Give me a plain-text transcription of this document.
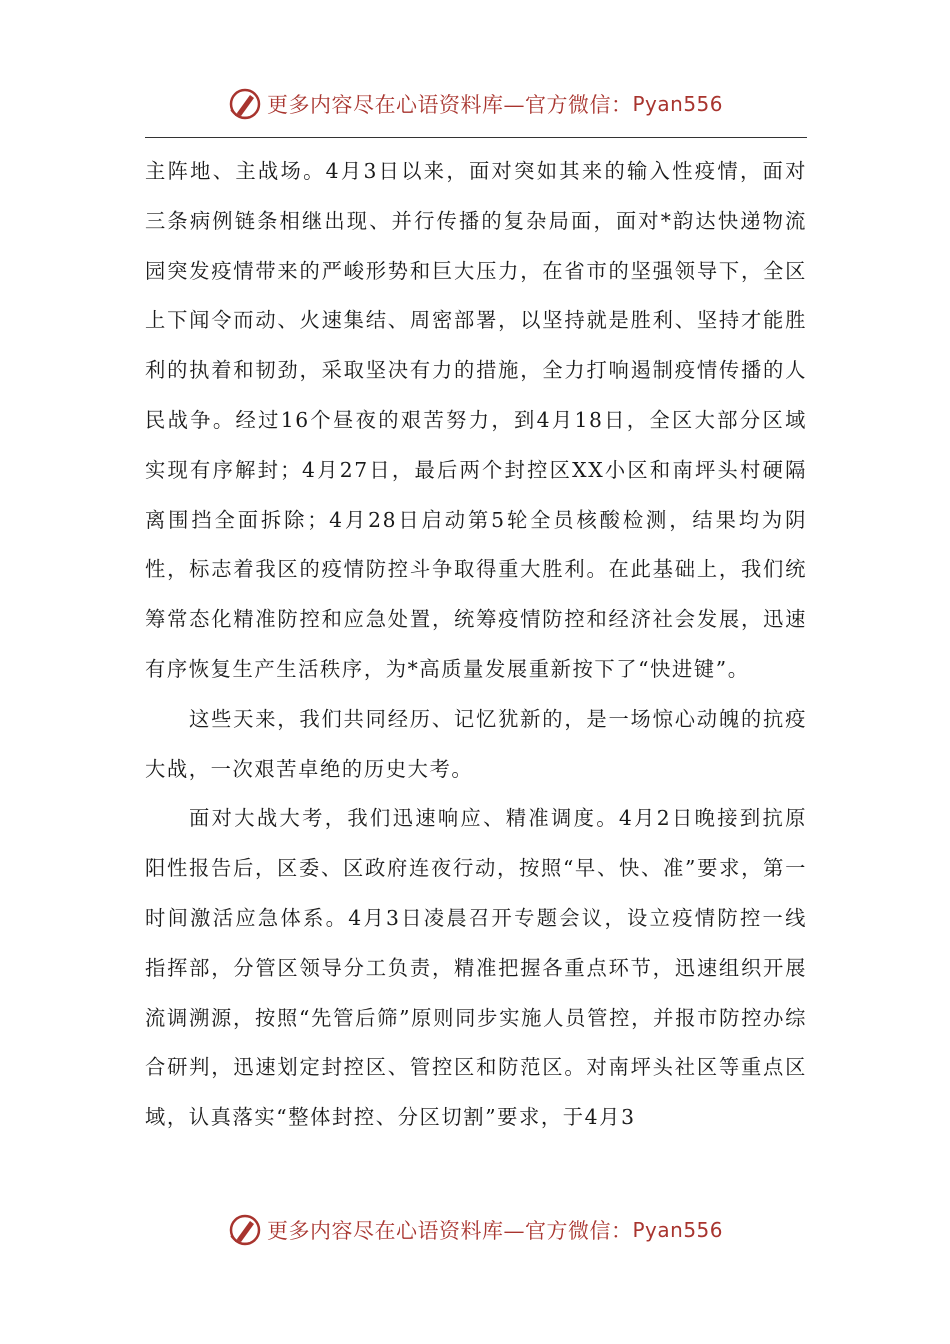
更多内容尽在心语资料库—官方微信： Pyan556

主阵地、主战场。4月3日以来，面对突如其来的输入性疫情，面对三条病例链条相继出现、并行传播的复杂局面，面对*韵达快递物流园突发疫情带来的严峻形势和巨大压力，在省市的坚强领导下，全区上下闻令而动、火速集结、周密部署，以坚持就是胜利、坚持才能胜利的执着和韧劲，采取坚决有力的措施，全力打响遏制疫情传播的人民战争。经过16个昼夜的艰苦努力，到4月18日，全区大部分区域实现有序解封；4月27日，最后两个封控区XX小区和南坪头村硬隔离围挡全面拆除；4月28日启动第5轮全员核酸检测，结果均为阴性，标志着我区的疫情防控斗争取得重大胜利。在此基础上，我们统筹常态化精准防控和应急处置，统筹疫情防控和经济社会发展，迅速有序恢复生产生活秩序，为*高质量发展重新按下了“快进键”。

这些天来，我们共同经历、记忆犹新的，是一场惊心动魄的抗疫大战，一次艰苦卓绝的历史大考。

面对大战大考，我们迅速响应、精准调度。4月2日晚接到抗原阳性报告后，区委、区政府连夜行动，按照“早、快、准”要求，第一时间激活应急体系。4月3日凌晨召开专题会议，设立疫情防控一线指挥部，分管区领导分工负责，精准把握各重点环节，迅速组织开展流调溯源，按照“先管后筛”原则同步实施人员管控，并报市防控办综合研判，迅速划定封控区、管控区和防范区。对南坪头社区等重点区域，认真落实“整体封控、分区切割”要求，于4月3

更多内容尽在心语资料库—官方微信： Pyan556
